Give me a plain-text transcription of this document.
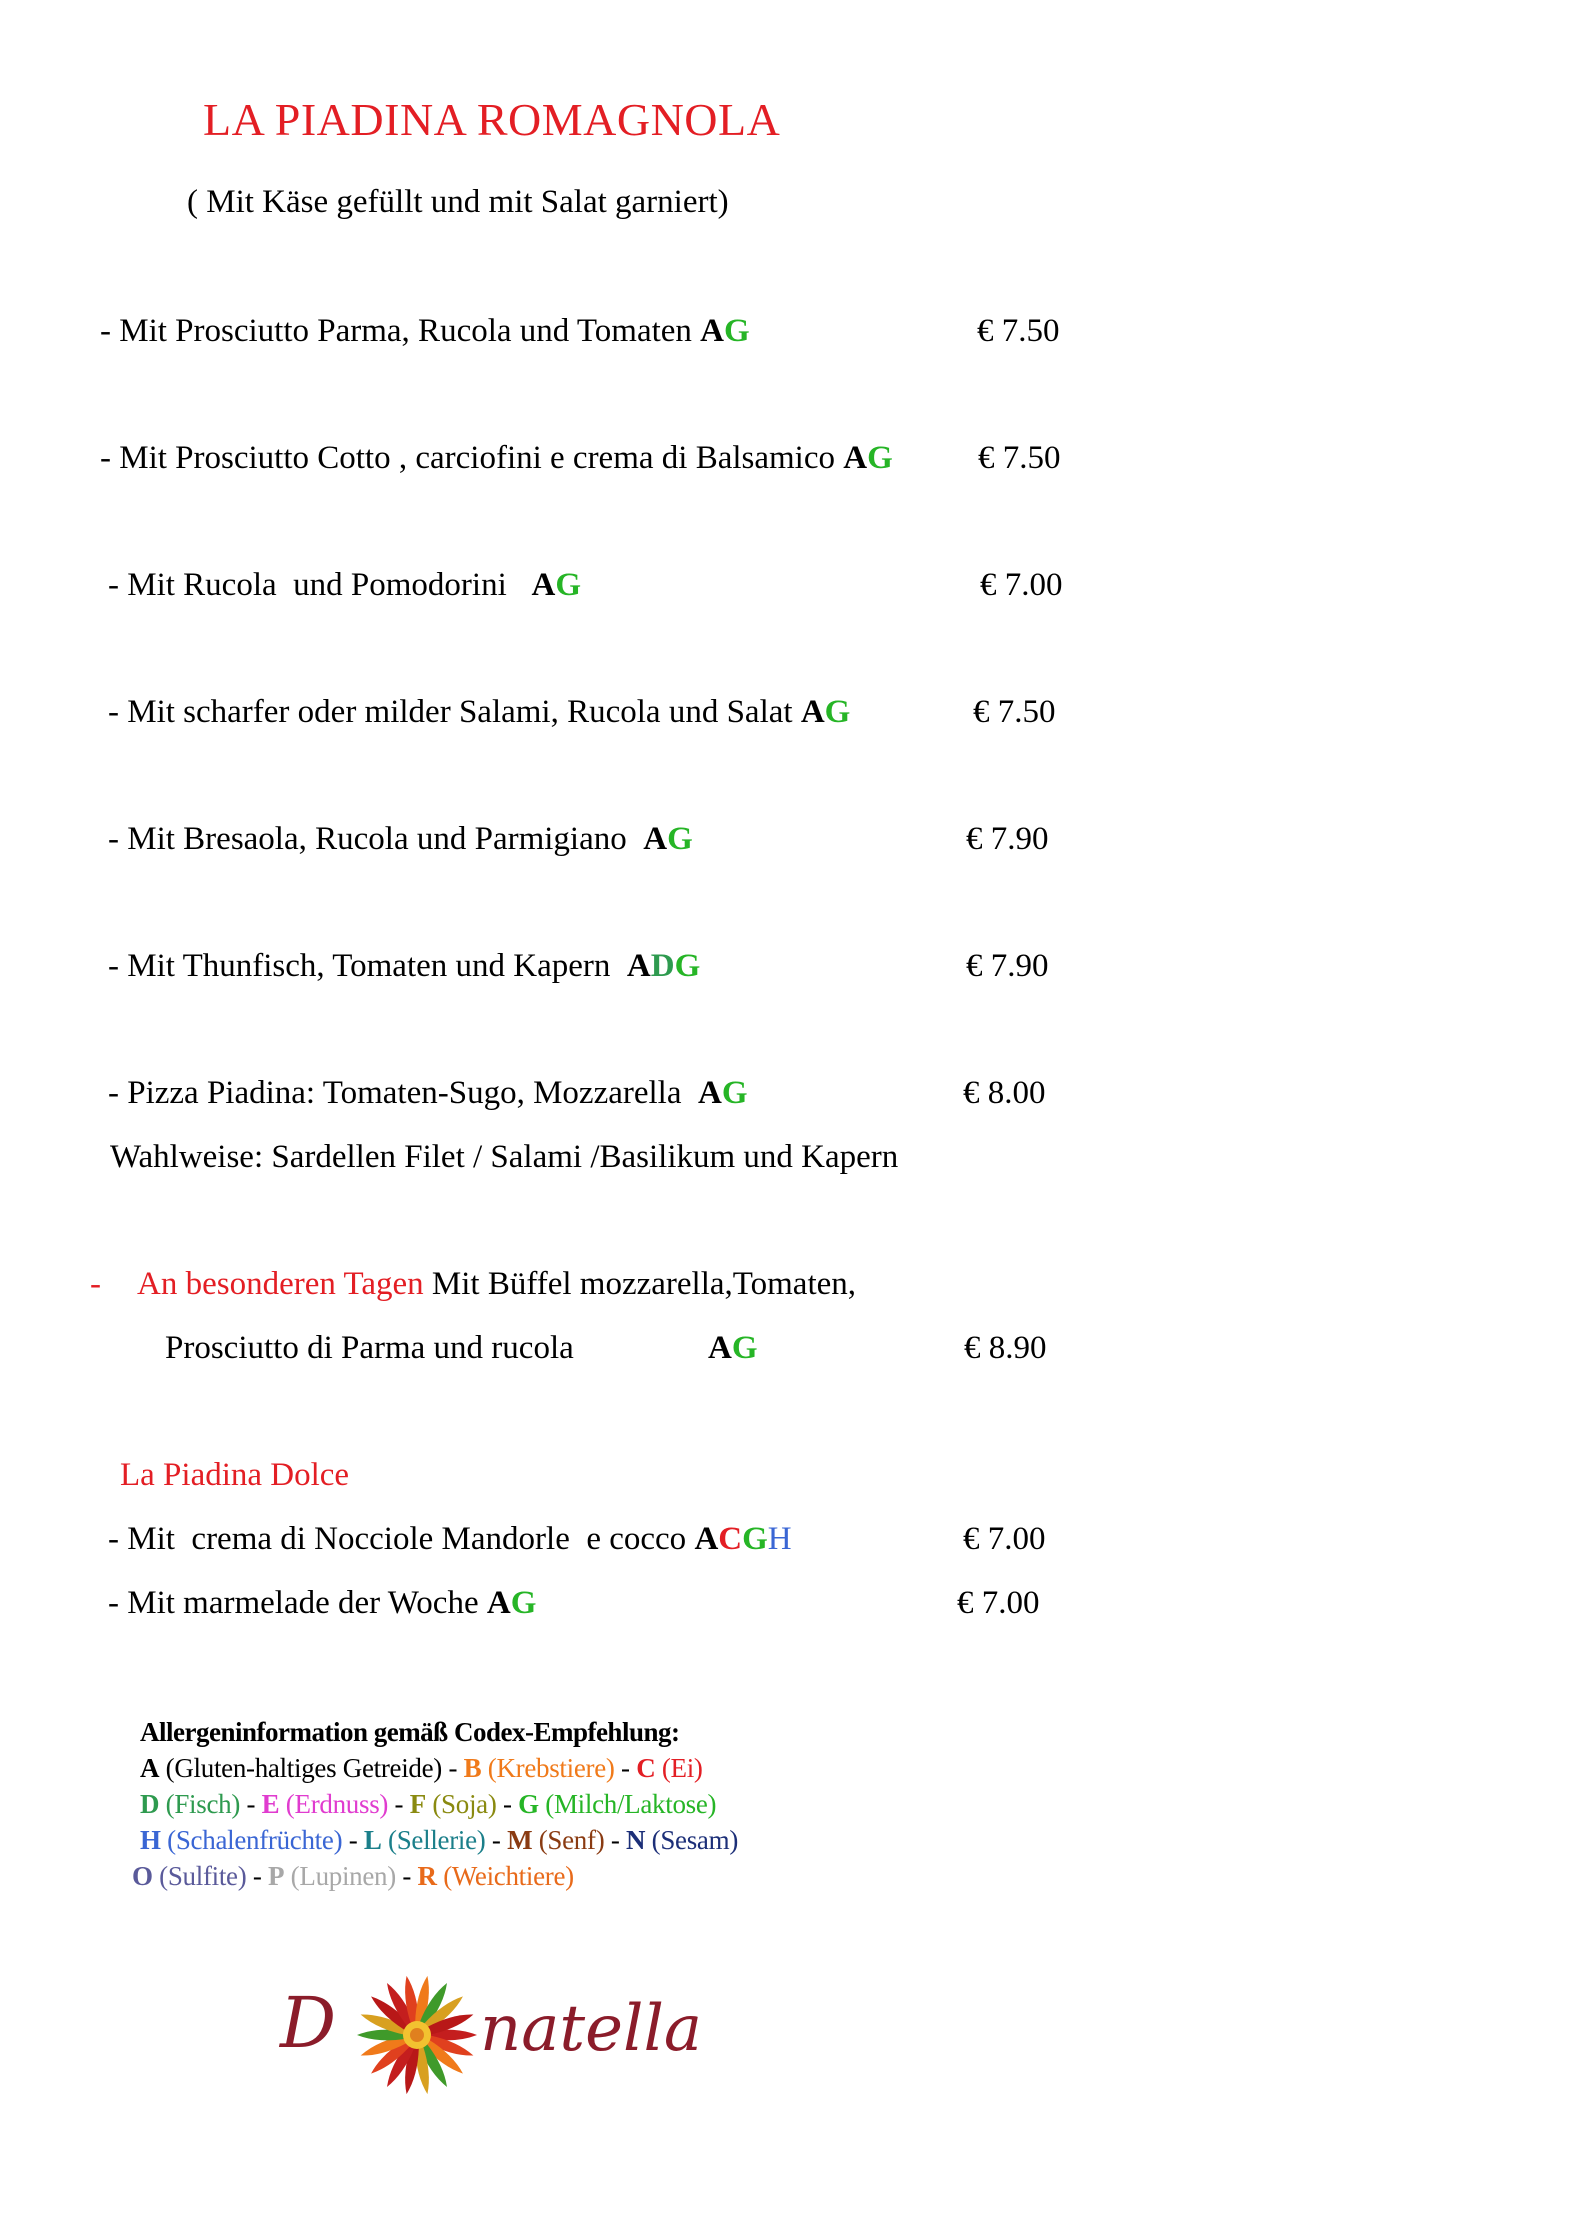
LA PIADINA ROMAGNOLA
( Mit Käse gefüllt und mit Salat garniert)
- Mit Prosciutto Parma, Rucola und Tomaten AG	€ 7.50
- Mit Prosciutto Cotto , carciofini e crema di Balsamico AG	€ 7.50
- Mit Rucola  und Pomodorini   AG	€ 7.00
- Mit scharfer oder milder Salami, Rucola und Salat AG	€ 7.50
- Mit Bresaola, Rucola und Parmigiano  AG	€ 7.90
- Mit Thunfisch, Tomaten und Kapern  ADG	€ 7.90
- Pizza Piadina: Tomaten-Sugo, Mozzarella  AG	€ 8.00
Wahlweise: Sardellen Filet / Salami /Basilikum und Kapern
- An besonderen Tagen Mit Büffel mozzarella,Tomaten,
Prosciutto di Parma und rucola	AG	€ 8.90
La Piadina Dolce
- Mit  crema di Nocciole Mandorle  e cocco ACGH	€ 7.00
- Mit marmelade der Woche AG	€ 7.00
Allergeninformation gemäß Codex-Empfehlung:
A (Gluten-haltiges Getreide) - B (Krebstiere) - C (Ei)
D (Fisch) - E (Erdnuss) - F (Soja) - G (Milch/Laktose)
H (Schalenfrüchte) - L (Sellerie) - M (Senf) - N (Sesam)
O (Sulfite) - P (Lupinen) - R (Weichtiere)
D natella
